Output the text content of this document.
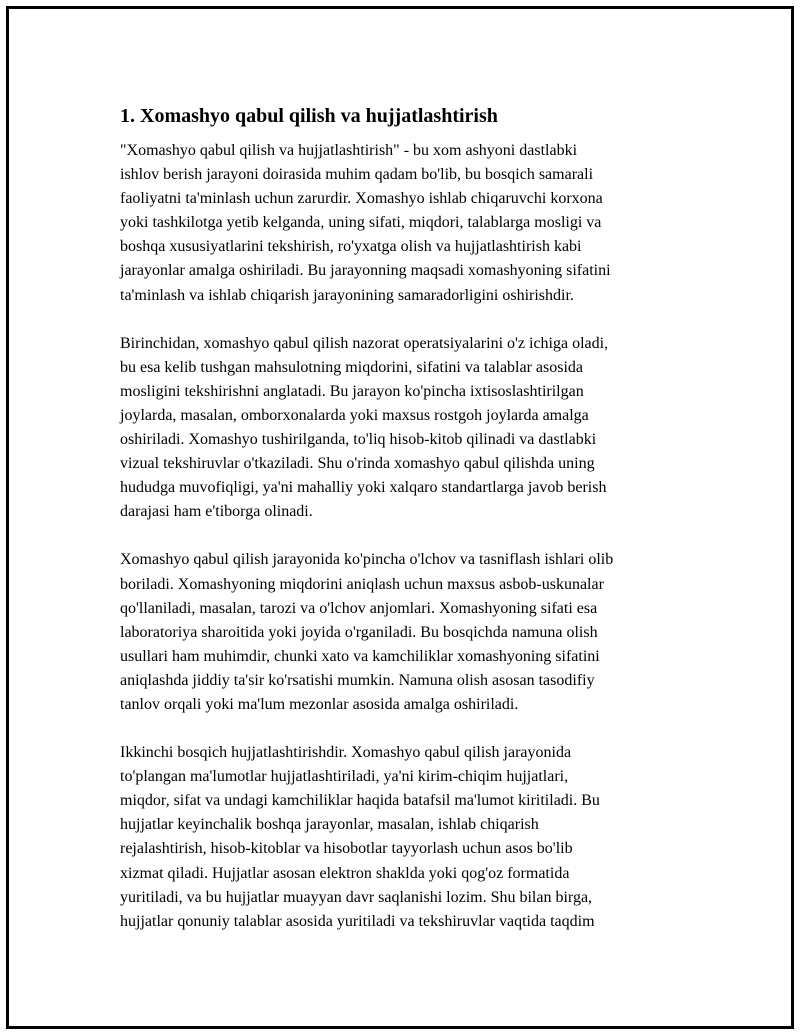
1. Xomashyo qabul qilish va hujjatlashtirish

"Xomashyo qabul qilish va hujjatlashtirish" - bu xom ashyoni dastlabki
ishlov berish jarayoni doirasida muhim qadam bo'lib, bu bosqich samarali
faoliyatni ta'minlash uchun zarurdir. Xomashyo ishlab chiqaruvchi korxona
yoki tashkilotga yetib kelganda, uning sifati, miqdori, talablarga mosligi va
boshqa xususiyatlarini tekshirish, ro'yxatga olish va hujjatlashtirish kabi
jarayonlar amalga oshiriladi. Bu jarayonning maqsadi xomashyoning sifatini
ta'minlash va ishlab chiqarish jarayonining samaradorligini oshirishdir.

Birinchidan, xomashyo qabul qilish nazorat operatsiyalarini o'z ichiga oladi,
bu esa kelib tushgan mahsulotning miqdorini, sifatini va talablar asosida
mosligini tekshirishni anglatadi. Bu jarayon ko'pincha ixtisoslashtirilgan
joylarda, masalan, omborxonalarda yoki maxsus rostgoh joylarda amalga
oshiriladi. Xomashyo tushirilganda, to'liq hisob-kitob qilinadi va dastlabki
vizual tekshiruvlar o'tkaziladi. Shu o'rinda xomashyo qabul qilishda uning
hududga muvofiqligi, ya'ni mahalliy yoki xalqaro standartlarga javob berish
darajasi ham e'tiborga olinadi.

Xomashyo qabul qilish jarayonida ko'pincha o'lchov va tasniflash ishlari olib
boriladi. Xomashyoning miqdorini aniqlash uchun maxsus asbob-uskunalar
qo'llaniladi, masalan, tarozi va o'lchov anjomlari. Xomashyoning sifati esa
laboratoriya sharoitida yoki joyida o'rganiladi. Bu bosqichda namuna olish
usullari ham muhimdir, chunki xato va kamchiliklar xomashyoning sifatini
aniqlashda jiddiy ta'sir ko'rsatishi mumkin. Namuna olish asosan tasodifiy
tanlov orqali yoki ma'lum mezonlar asosida amalga oshiriladi.

Ikkinchi bosqich hujjatlashtirishdir. Xomashyo qabul qilish jarayonida
to'plangan ma'lumotlar hujjatlashtiriladi, ya'ni kirim-chiqim hujjatlari,
miqdor, sifat va undagi kamchiliklar haqida batafsil ma'lumot kiritiladi. Bu
hujjatlar keyinchalik boshqa jarayonlar, masalan, ishlab chiqarish
rejalashtirish, hisob-kitoblar va hisobotlar tayyorlash uchun asos bo'lib
xizmat qiladi. Hujjatlar asosan elektron shaklda yoki qog'oz formatida
yuritiladi, va bu hujjatlar muayyan davr saqlanishi lozim. Shu bilan birga,
hujjatlar qonuniy talablar asosida yuritiladi va tekshiruvlar vaqtida taqdim
